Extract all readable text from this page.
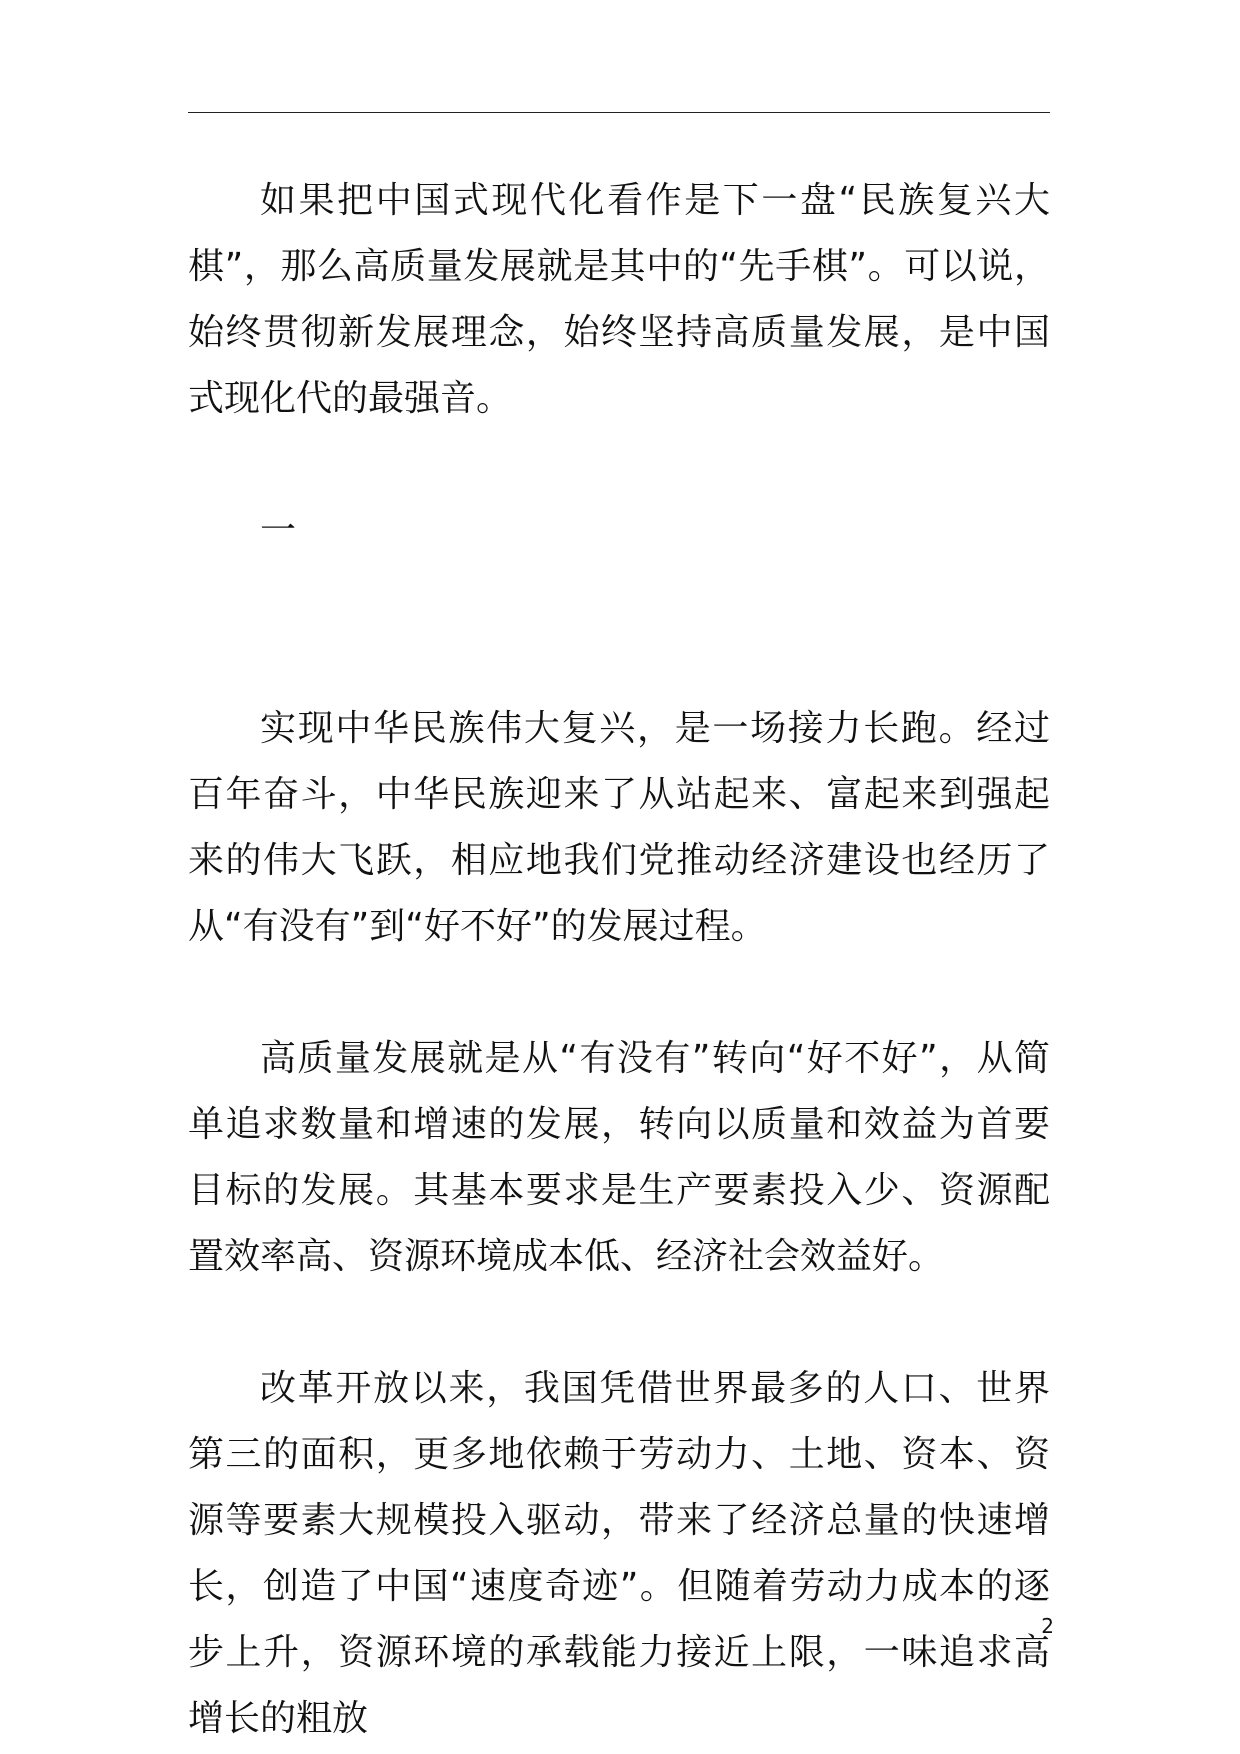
如果把中国式现代化看作是下一盘“民族复兴大棋”，那么高质量发展就是其中的“先手棋”。可以说，始终贯彻新发展理念，始终坚持高质量发展，是中国式现化代的最强音。

一

实现中华民族伟大复兴，是一场接力长跑。经过百年奋斗，中华民族迎来了从站起来、富起来到强起来的伟大飞跃，相应地我们党推动经济建设也经历了从“有没有”到“好不好”的发展过程。

高质量发展就是从“有没有”转向“好不好”，从简单追求数量和增速的发展，转向以质量和效益为首要目标的发展。其基本要求是生产要素投入少、资源配置效率高、资源环境成本低、经济社会效益好。

改革开放以来，我国凭借世界最多的人口、世界第三的面积，更多地依赖于劳动力、土地、资本、资源等要素大规模投入驱动，带来了经济总量的快速增长，创造了中国“速度奇迹”。但随着劳动力成本的逐步上升，资源环境的承载能力接近上限，一味追求高增长的粗放

2
